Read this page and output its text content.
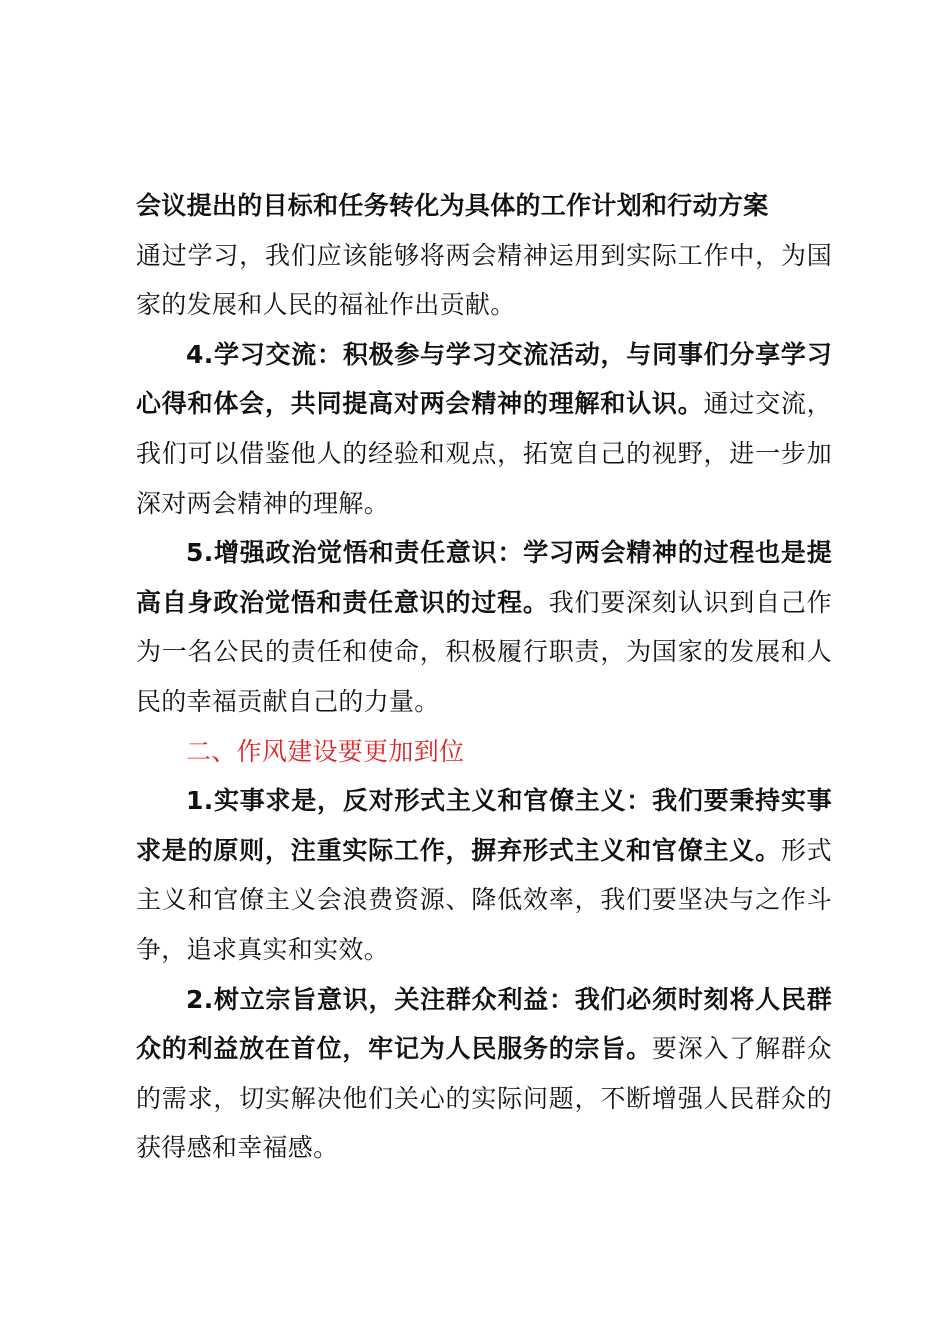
会议提出的目标和任务转化为具体的工作计划和行动方案
通过学习，我们应该能够将两会精神运用到实际工作中，为国家的发展和人民的福祉作出贡献。

4.学习交流：积极参与学习交流活动，与同事们分享学习心得和体会，共同提高对两会精神的理解和认识。通过交流，我们可以借鉴他人的经验和观点，拓宽自己的视野，进一步加深对两会精神的理解。

5.增强政治觉悟和责任意识：学习两会精神的过程也是提高自身政治觉悟和责任意识的过程。我们要深刻认识到自己作为一名公民的责任和使命，积极履行职责，为国家的发展和人民的幸福贡献自己的力量。

二、作风建设要更加到位

1.实事求是，反对形式主义和官僚主义：我们要秉持实事求是的原则，注重实际工作，摒弃形式主义和官僚主义。形式主义和官僚主义会浪费资源、降低效率，我们要坚决与之作斗争，追求真实和实效。

2.树立宗旨意识，关注群众利益：我们必须时刻将人民群众的利益放在首位，牢记为人民服务的宗旨。要深入了解群众的需求，切实解决他们关心的实际问题，不断增强人民群众的获得感和幸福感。
